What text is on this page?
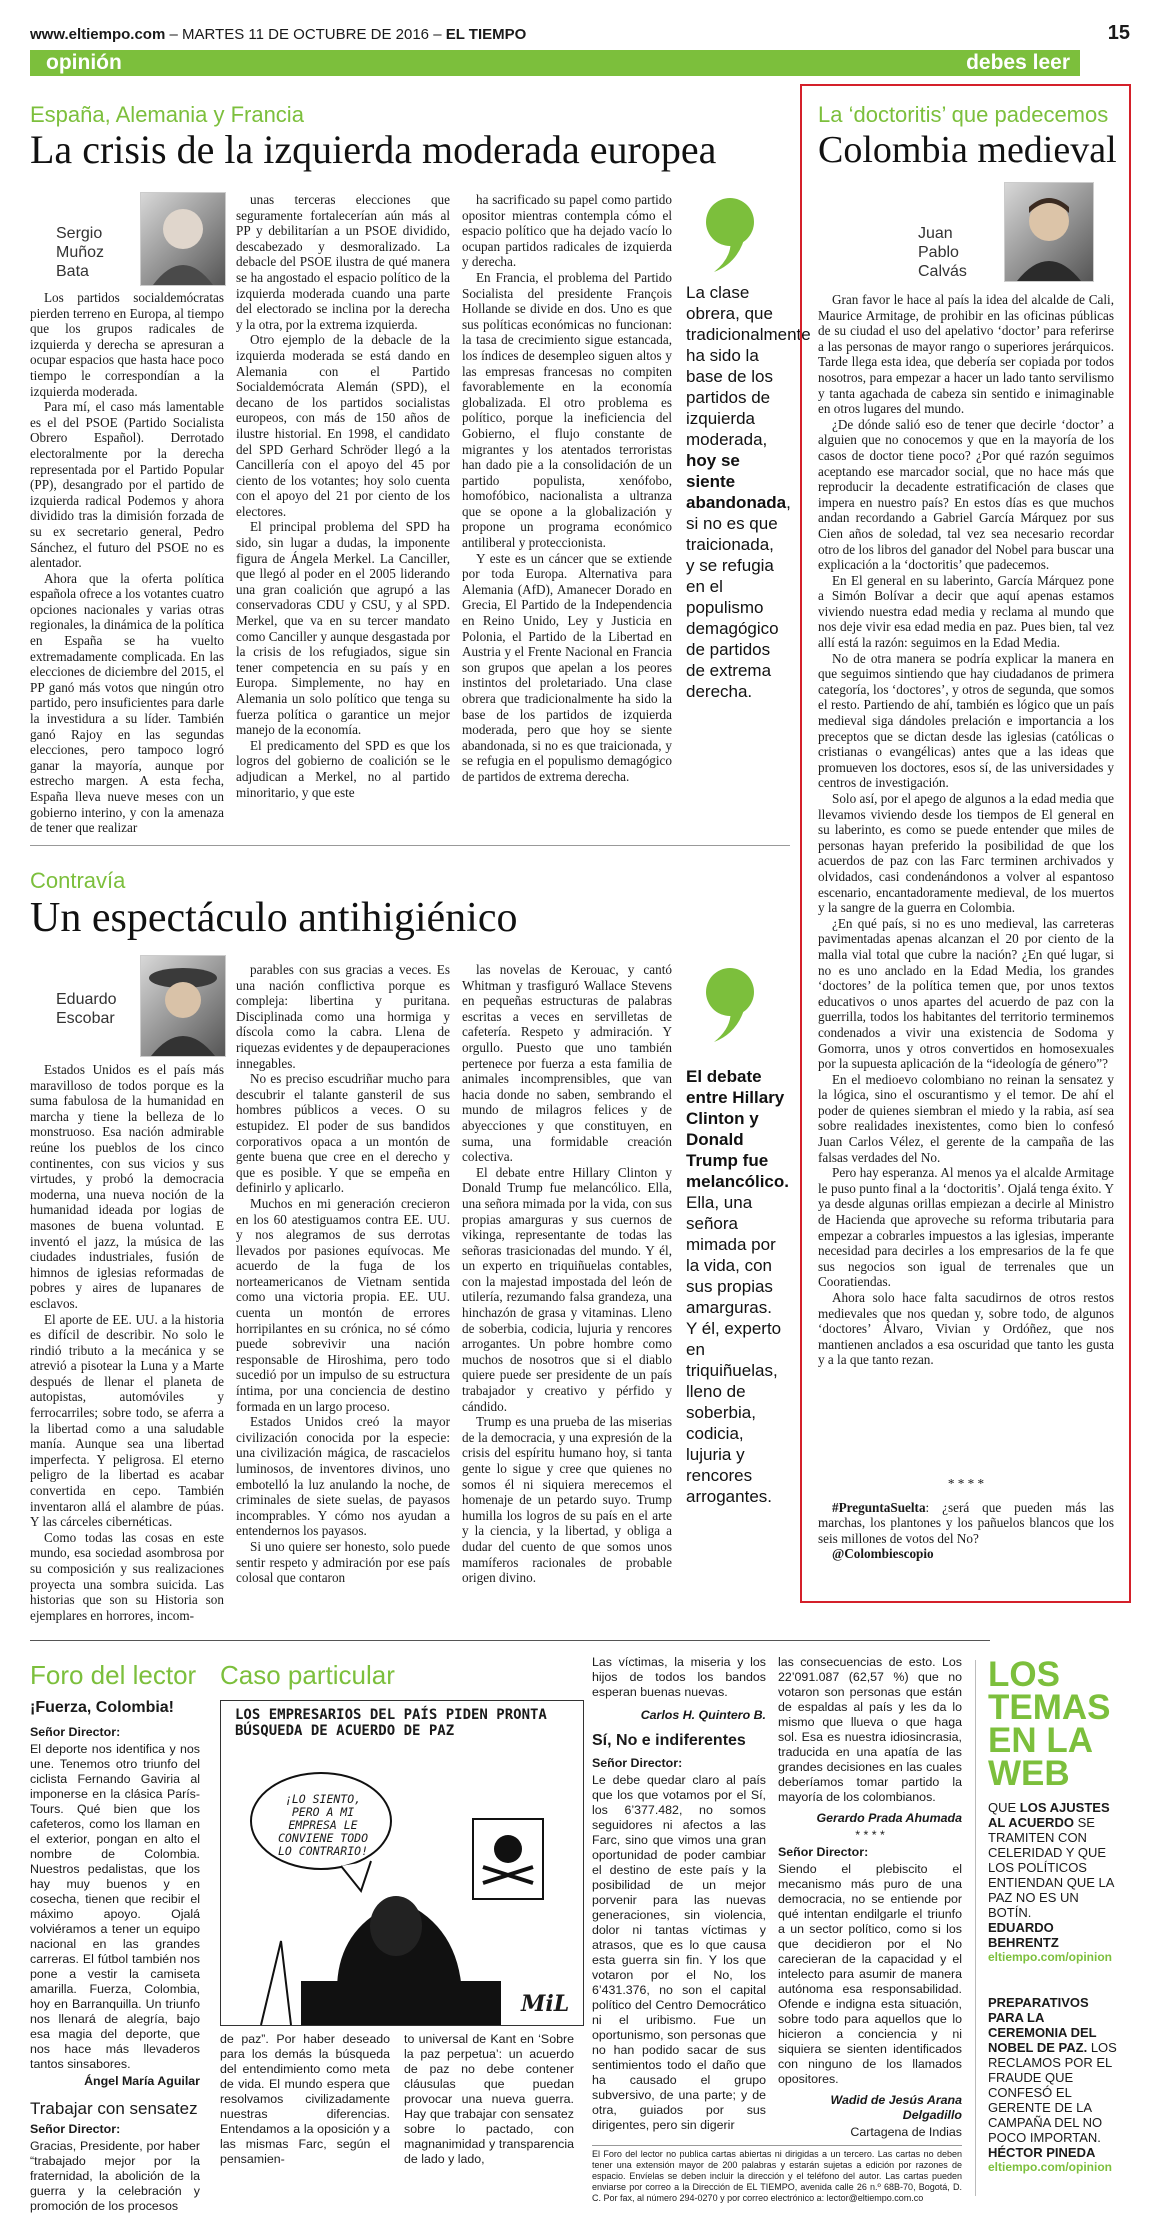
www.eltiempo.com – MARTES 11 DE OCTUBRE DE 2016 – EL TIEMPO	15
opinión	debes leer
España, Alemania y Francia
La crisis de la izquierda moderada europea
Sergio Muñoz Bata

Los partidos socialdemócratas pierden terreno en Europa, al tiempo que los grupos radicales de izquierda y derecha se apresuran a ocupar espacios que hasta hace poco tiempo le correspondían a la izquierda moderada.

Para mí, el caso más lamentable es el del PSOE (Partido Socialista Obrero Español). Derrotado electoralmente por la derecha representada por el Partido Popular (PP), desangrado por el partido de izquierda radical Podemos y ahora dividido tras la dimisión forzada de su ex secretario general, Pedro Sánchez, el futuro del PSOE no es alentador.

Ahora que la oferta política española ofrece a los votantes cuatro opciones nacionales y varias otras regionales, la dinámica de la política en España se ha vuelto extremadamente complicada. En las elecciones de diciembre del 2015, el PP ganó más votos que ningún otro partido, pero insuficientes para darle la investidura a su líder. También ganó Rajoy en las segundas elecciones, pero tampoco logró ganar la mayoría, aunque por estrecho margen. A esta fecha, España lleva nueve meses con un gobierno interino, y con la amenaza de tener que realizar

unas terceras elecciones que seguramente fortalecerían aún más al PP y debilitarían a un PSOE dividido, descabezado y desmoralizado. La debacle del PSOE ilustra de qué manera se ha angostado el espacio político de la izquierda moderada cuando una parte del electorado se inclina por la derecha y la otra, por la extrema izquierda.

Otro ejemplo de la debacle de la izquierda moderada se está dando en Alemania con el Partido Socialdemócrata Alemán (SPD), el decano de los partidos socialistas europeos, con más de 150 años de ilustre historial. En 1998, el candidato del SPD Gerhard Schröder llegó a la Cancillería con el apoyo del 45 por ciento de los votantes; hoy solo cuenta con el apoyo del 21 por ciento de los electores.

El principal problema del SPD ha sido, sin lugar a dudas, la imponente figura de Ángela Merkel. La Canciller, que llegó al poder en el 2005 liderando una gran coalición que agrupó a las conservadoras CDU y CSU, y al SPD. Merkel, que va en su tercer mandato como Canciller y aunque desgastada por la crisis de los refugiados, sigue sin tener competencia en su país y en Europa. Simplemente, no hay en Alemania un solo político que tenga su fuerza política o garantice un mejor manejo de la economía.

El predicamento del SPD es que los logros del gobierno de coalición se le adjudican a Merkel, no al partido minoritario, y que este

ha sacrificado su papel como partido opositor mientras contempla cómo el espacio político que ha dejado vacío lo ocupan partidos radicales de izquierda y derecha.

En Francia, el problema del Partido Socialista del presidente François Hollande se divide en dos. Uno es que sus políticas económicas no funcionan: la tasa de crecimiento sigue estancada, los índices de desempleo siguen altos y las empresas francesas no compiten favorablemente en la economía globalizada. El otro problema es político, porque la ineficiencia del Gobierno, el flujo constante de migrantes y los atentados terroristas han dado pie a la consolidación de un partido populista, xenófobo, homofóbico, nacionalista a ultranza que se opone a la globalización y propone un programa económico antiliberal y proteccionista.

Y este es un cáncer que se extiende por toda Europa. Alternativa para Alemania (AfD), Amanecer Dorado en Grecia, El Partido de la Independencia en Reino Unido, Ley y Justicia en Polonia, el Partido de la Libertad en Austria y el Frente Nacional en Francia son grupos que apelan a los peores instintos del proletariado. Una clase obrera que tradicionalmente ha sido la base de los partidos de izquierda moderada, pero que hoy se siente abandonada, si no es que traicionada, y se refugia en el populismo demagógico de partidos de extrema derecha.

La clase obrera, que tradicionalmente ha sido la base de los partidos de izquierda moderada, hoy se siente abandonada, si no es que traicionada, y se refugia en el populismo demagógico de partidos de extrema derecha.
Contravía
Un espectáculo antihigiénico
Eduardo Escobar

Estados Unidos es el país más maravilloso de todos porque es la suma fabulosa de la humanidad en marcha y tiene la belleza de lo monstruoso. Esa nación admirable reúne los pueblos de los cinco continentes, con sus vicios y sus virtudes, y probó la democracia moderna, una nueva noción de la humanidad ideada por logias de masones de buena voluntad. E inventó el jazz, la música de las ciudades industriales, fusión de himnos de iglesias reformadas de pobres y aires de lupanares de esclavos.

El aporte de EE. UU. a la historia es difícil de describir. No solo le rindió tributo a la mecánica y se atrevió a pisotear la Luna y a Marte después de llenar el planeta de autopistas, automóviles y ferrocarriles; sobre todo, se aferra a la libertad como a una saludable manía. Aunque sea una libertad imperfecta. Y peligrosa. El eterno peligro de la libertad es acabar convertida en cepo. También inventaron allá el alambre de púas. Y las cárceles cibernéticas.

Como todas las cosas en este mundo, esa sociedad asombrosa por su composición y sus realizaciones proyecta una sombra suicida. Las historias que son su Historia son ejemplares en horrores, incom-

parables con sus gracias a veces. Es una nación conflictiva porque es compleja: libertina y puritana. Disciplinada como una hormiga y díscola como la cabra. Llena de riquezas evidentes y de depauperaciones innegables.

No es preciso escudriñar mucho para descubrir el talante gansteril de sus hombres públicos a veces. O su estupidez. El poder de sus bandidos corporativos opaca a un montón de gente buena que cree en el derecho y que es posible. Y que se empeña en definirlo y aplicarlo.

Muchos en mi generación crecieron en los 60 atestiguamos contra EE. UU. y nos alegramos de sus derrotas llevados por pasiones equívocas. Me acuerdo de la fuga de los norteamericanos de Vietnam sentida como una victoria propia. EE. UU. cuenta un montón de errores horripilantes en su crónica, no sé cómo puede sobrevivir una nación responsable de Hiroshima, pero todo sucedió por un impulso de su estructura íntima, por una conciencia de destino formada en un largo proceso.

Estados Unidos creó la mayor civilización conocida por la especie: una civilización mágica, de rascacielos luminosos, de inventores divinos, uno embotelló la luz anulando la noche, de criminales de siete suelas, de payasos incomprables. Y cómo nos ayudan a entendernos los payasos.

Si uno quiere ser honesto, solo puede sentir respeto y admiración por ese país colosal que contaron

las novelas de Kerouac, y cantó Whitman y trasfiguró Wallace Stevens en pequeñas estructuras de palabras escritas a veces en servilletas de cafetería. Respeto y admiración. Y orgullo. Puesto que uno también pertenece por fuerza a esta familia de animales incomprensibles, que van hacia donde no saben, sembrando el mundo de milagros felices y de abyecciones y que constituyen, en suma, una formidable creación colectiva.

El debate entre Hillary Clinton y Donald Trump fue melancólico. Ella, una señora mimada por la vida, con sus propias amarguras y sus cuernos de vikinga, representante de todas las señoras trasicionadas del mundo. Y él, un experto en triquiñuelas contables, con la majestad impostada del león de utilería, rezumando falsa grandeza, una hinchazón de grasa y vitaminas. Lleno de soberbia, codicia, lujuria y rencores arrogantes. Un pobre hombre como muchos de nosotros que si el diablo quiere puede ser presidente de un país trabajador y creativo y pérfido y cándido.

Trump es una prueba de las miserias de la democracia, y una expresión de la crisis del espíritu humano hoy, si tanta gente lo sigue y cree que quienes no somos él ni siquiera merecemos el homenaje de un petardo suyo. Trump humilla los logros de su país en el arte y la ciencia, y la libertad, y obliga a dudar del cuento de que somos unos mamíferos racionales de probable origen divino.

El debate entre Hillary Clinton y Donald Trump fue melancólico. Ella, una señora mimada por la vida, con sus propias amarguras. Y él, experto en triquiñuelas, lleno de soberbia, codicia, lujuria y rencores arrogantes.
La ‘doctoritis’ que padecemos
Colombia medieval
Juan Pablo Calvás

Gran favor le hace al país la idea del alcalde de Cali, Maurice Armitage, de prohibir en las oficinas públicas de su ciudad el uso del apelativo ‘doctor’ para referirse a las personas de mayor rango o superiores jerárquicos. Tarde llega esta idea, que debería ser copiada por todos nosotros, para empezar a hacer un lado tanto servilismo y tanta agachada de cabeza sin sentido e inimaginable en otros lugares del mundo.

¿De dónde salió eso de tener que decirle ‘doctor’ a alguien que no conocemos y que en la mayoría de los casos de doctor tiene poco? ¿Por qué razón seguimos aceptando ese marcador social, que no hace más que reproducir la decadente estratificación de clases que impera en nuestro país? En estos días es que muchos andan recordando a Gabriel García Márquez por sus Cien años de soledad, tal vez sea necesario recordar otro de los libros del ganador del Nobel para buscar una explicación a la ‘doctoritis’ que padecemos.

En El general en su laberinto, García Márquez pone a Simón Bolívar a decir que aquí apenas estamos viviendo nuestra edad media y reclama al mundo que nos deje vivir esa edad media en paz. Pues bien, tal vez allí está la razón: seguimos en la Edad Media.

No de otra manera se podría explicar la manera en que seguimos sintiendo que hay ciudadanos de primera categoría, los ‘doctores’, y otros de segunda, que somos el resto. Partiendo de ahí, también es lógico que un país medieval siga dándoles prelación e importancia a los preceptos que se dictan desde las iglesias (católicas o cristianas o evangélicas) antes que a las ideas que promueven los doctores, esos sí, de las universidades y centros de investigación.

Solo así, por el apego de algunos a la edad media que llevamos viviendo desde los tiempos de El general en su laberinto, es como se puede entender que miles de personas hayan preferido la posibilidad de que los acuerdos de paz con las Farc terminen archivados y olvidados, casi condenándonos a volver al espantoso escenario, encantadoramente medieval, de los muertos y la sangre de la guerra en Colombia.

¿En qué país, si no es uno medieval, las carreteras pavimentadas apenas alcanzan el 20 por ciento de la malla vial total que cubre la nación? ¿En qué lugar, si no es uno anclado en la Edad Media, los grandes ‘doctores’ de la política temen que, por unos textos educativos o unos apartes del acuerdo de paz con la guerrilla, todos los habitantes del territorio terminemos condenados a vivir una existencia de Sodoma y Gomorra, unos y otros convertidos en homosexuales por la supuesta aplicación de la “ideología de género”?

En el medioevo colombiano no reinan la sensatez y la lógica, sino el oscurantismo y el temor. De ahí el poder de quienes siembran el miedo y la rabia, así sea sobre realidades inexistentes, como bien lo confesó Juan Carlos Vélez, el gerente de la campaña de las falsas verdades del No.

Pero hay esperanza. Al menos ya el alcalde Armitage le puso punto final a la ‘doctoritis’. Ojalá tenga éxito. Y ya desde algunas orillas empiezan a decirle al Ministro de Hacienda que aproveche su reforma tributaria para empezar a cobrarles impuestos a las iglesias, imperante necesidad para decirles a los empresarios de la fe que sus negocios son igual de terrenales que un Cooratiendas.

Ahora solo hace falta sacudirnos de otros restos medievales que nos quedan y, sobre todo, de algunos ‘doctores’ Álvaro, Vivian y Ordóñez, que nos mantienen anclados a esa oscuridad que tanto les gusta y a la que tanto rezan.

* * * *

#PreguntaSuelta: ¿será que pueden más las marchas, los plantones y los pañuelos blancos que los seis millones de votos del No?

@Colombiescopio

Foro del lector
¡Fuerza, Colombia!

Señor Director:

El deporte nos identifica y nos une. Tenemos otro triunfo del ciclista Fernando Gaviria al imponerse en la clásica París-Tours. Qué bien que los cafeteros, como los llaman en el exterior, pongan en alto el nombre de Colombia. Nuestros pedalistas, que los hay muy buenos y en cosecha, tienen que recibir el máximo apoyo. Ojalá volviéramos a tener un equipo nacional en las grandes carreras. El fútbol también nos pone a vestir la camiseta amarilla. Fuerza, Colombia, hoy en Barranquilla. Un triunfo nos llenará de alegría, bajo esa magia del deporte, que nos hace más llevaderos tantos sinsabores.

Ángel María Aguilar

Trabajar con sensatez

Señor Director:

Gracias, Presidente, por haber “trabajado mejor por la fraternidad, la abolición de la guerra y la celebración y promoción de los procesos

Caso particular
LOS EMPRESARIOS DEL PAÍS PIDEN PRONTA BÚSQUEDA DE ACUERDO DE PAZ
¡LO SIENTO, PERO A MI EMPRESA LE CONVIENE TODO LO CONTRARIO!
MiL
de paz”. Por haber deseado para los demás la búsqueda del entendimiento como meta de vida. El mundo espera que resolvamos civilizadamente nuestras diferencias. Entendamos a la oposición y a las mismas Farc, según el pensamien-
to universal de Kant en ‘Sobre la paz perpetua’: un acuerdo de paz no debe contener cláusulas que puedan provocar una nueva guerra. Hay que trabajar con sensatez sobre lo pactado, con magnanimidad y transparencia de lado y lado,

Las víctimas, la miseria y los hijos de todos los bandos esperan buenas nuevas.

Carlos H. Quintero B.

Sí, No e indiferentes

Señor Director:

Le debe quedar claro al país que los que votamos por el Sí, los 6’377.482, no somos seguidores ni afectos a las Farc, sino que vimos una gran oportunidad de poder cambiar el destino de este país y la posibilidad de un mejor porvenir para las nuevas generaciones, sin violencia, dolor ni tantas víctimas y atrasos, que es lo que causa esta guerra sin fin. Y los que votaron por el No, los 6’431.376, no son el capital político del Centro Democrático ni el uribismo. Fue un oportunismo, son personas que no han podido sacar de sus sentimientos todo el daño que ha causado el grupo subversivo, de una parte; y de otra, guiados por sus dirigentes, pero sin digerir

las consecuencias de esto. Los 22’091.087 (62,57 %) que no votaron son personas que están de espaldas al país y les da lo mismo que llueva o que haga sol. Esa es nuestra idiosincrasia, traducida en una apatía de las grandes decisiones en las cuales deberíamos tomar partido la mayoría de los colombianos.

Gerardo Prada Ahumada

* * * *

Señor Director:

Siendo el plebiscito el mecanismo más puro de una democracia, no se entiende por qué intentan endilgarle el triunfo a un sector político, como si los que decidieron por el No carecieran de la capacidad y el intelecto para asumir de manera autónoma esa responsabilidad. Ofende e indigna esta situación, sobre todo para aquellos que lo hicieron a conciencia y ni siquiera se sienten identificados con ninguno de los llamados opositores.

Wadid de Jesús Arana Delgadillo

Cartagena de Indias

El Foro del lector no publica cartas abiertas ni dirigidas a un tercero. Las cartas no deben tener una extensión mayor de 200 palabras y estarán sujetas a edición por razones de espacio. Envíelas se deben incluir la dirección y el teléfono del autor. Las cartas pueden enviarse por correo a la Dirección de EL TIEMPO, avenida calle 26 n.º 68B-70, Bogotá, D. C. Por fax, al número 294-0270 y por correo electrónico a: lector@eltiempo.com.co
LOS
TEMAS
EN LA
WEB
QUE LOS AJUSTES AL ACUERDO SE TRAMITEN CON CELERIDAD Y QUE LOS POLÍTICOS ENTIENDAN QUE LA PAZ NO ES UN BOTÍN.
EDUARDO BEHRENTZ
eltiempo.com/opinion
PREPARATIVOS PARA LA CEREMONIA DEL NOBEL DE PAZ. LOS RECLAMOS POR EL FRAUDE QUE CONFESÓ EL GERENTE DE LA CAMPAÑA DEL NO POCO IMPORTAN.
HÉCTOR PINEDA
eltiempo.com/opinion
